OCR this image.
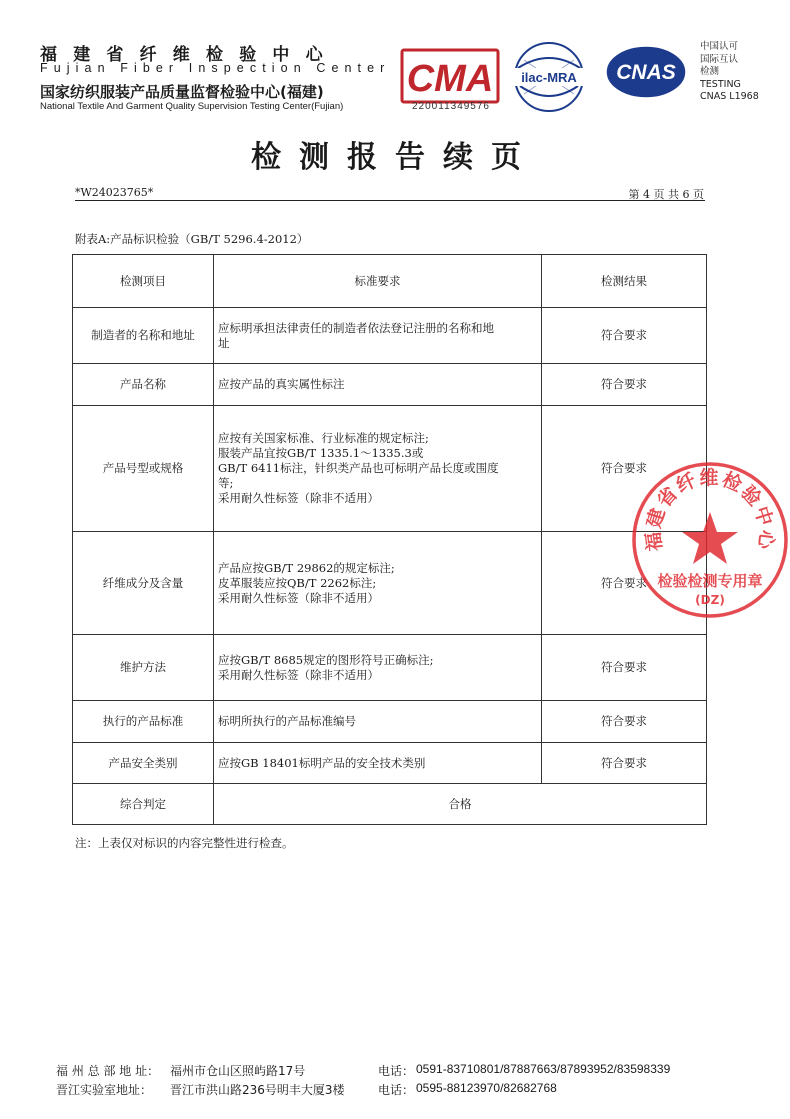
福建省纤维检验中心
Fujian Fiber Inspection Center
国家纺织服装产品质量监督检验中心(福建)
National Textile And Garment Quality Supervision Testing Center(Fujian)
CMA
220011349576
ilac-MRA CNAS
中国认可
国际互认
检测
TESTING
CNAS L1968
检测报告续页
*W24023765*	第 4 页 共 6 页
附表A:产品标识检验（GB/T 5296.4-2012）
检测项目	标准要求	检测结果
制造者的名称和地址	应标明承担法律责任的制造者依法登记注册的名称和地
址	符合要求
产品名称	应按产品的真实属性标注	符合要求
产品号型或规格	应按有关国家标准、行业标准的规定标注;
服装产品宜按GB/T 1335.1～1335.3或
GB/T 6411标注，针织类产品也可标明产品长度或围度
等;
采用耐久性标签（除非不适用）	符合要求
纤维成分及含量	产品应按GB/T 29862的规定标注;
皮革服装应按QB/T 2262标注;
采用耐久性标签（除非不适用）	符合要求
维护方法	应按GB/T 8685规定的图形符号正确标注;
采用耐久性标签（除非不适用）	符合要求
执行的产品标准	标明所执行的产品标准编号	符合要求
产品安全类别	应按GB 18401标明产品的安全技术类别	符合要求
综合判定	合格	
注：上表仅对标识的内容完整性进行检查。
福建省纤维检验中心
检验检测专用章
(DZ)
福 州 总 部 地 址： 福州市仓山区照屿路17号	电话： 0591-83710801/87887663/87893952/83598339
晋江实验室地址： 晋江市洪山路236号明丰大厦3楼	电话： 0595-88123970/82682768
